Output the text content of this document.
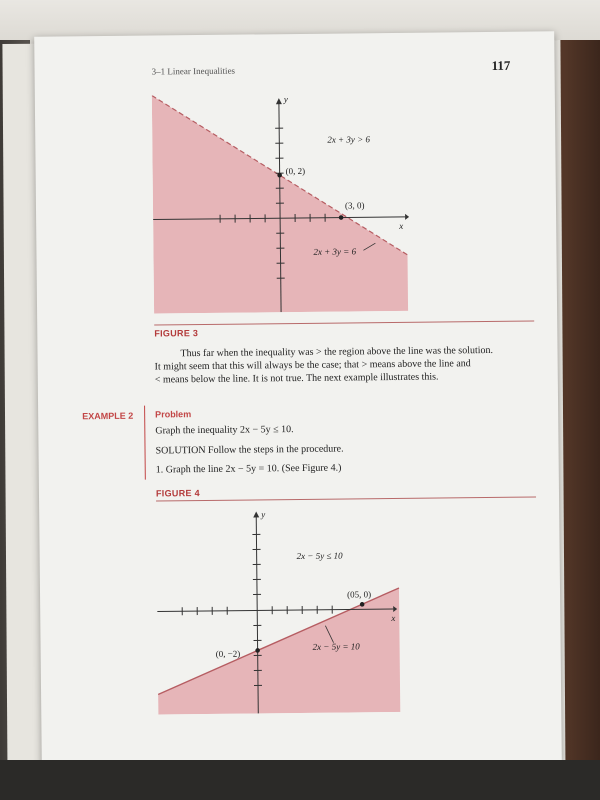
3–1 Linear Inequalities	117
y
x
2x + 3y > 6
(0, 2)
(3, 0)
2x + 3y = 6
FIGURE 3
Thus far when the inequality was > the region above the line was the solution.
It might seem that this will always be the case; that > means above the line and
< means below the line. It is not true. The next example illustrates this.
EXAMPLE 2 Problem
Graph the inequality 2x − 5y ≤ 10.
SOLUTION Follow the steps in the procedure.
1. Graph the line 2x − 5y = 10. (See Figure 4.)
FIGURE 4
y
x
2x − 5y ≤ 10
(05, 0)
(0, −2)
2x − 5y = 10
